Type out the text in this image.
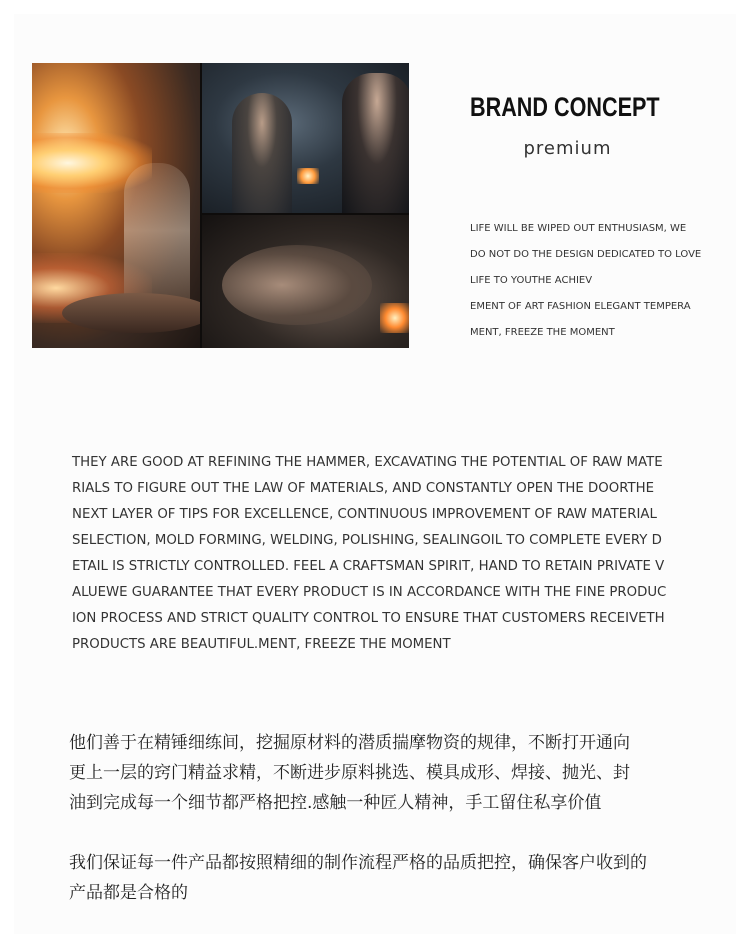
BRAND CONCEPT
premium
LIFE WILL BE WIPED OUT ENTHUSIASM, WE
DO NOT DO THE DESIGN DEDICATED TO LOVE
LIFE TO YOUTHE ACHIEV
EMENT OF ART FASHION ELEGANT TEMPERA
MENT, FREEZE THE MOMENT
THEY ARE GOOD AT REFINING THE HAMMER, EXCAVATING THE POTENTIAL OF RAW MATE
RIALS TO FIGURE OUT THE LAW OF MATERIALS, AND CONSTANTLY OPEN THE DOORTHE
NEXT LAYER OF TIPS FOR EXCELLENCE, CONTINUOUS IMPROVEMENT OF RAW MATERIAL
SELECTION, MOLD FORMING, WELDING, POLISHING, SEALINGOIL TO COMPLETE EVERY D
ETAIL IS STRICTLY CONTROLLED. FEEL A CRAFTSMAN SPIRIT, HAND TO RETAIN PRIVATE V
ALUEWE GUARANTEE THAT EVERY PRODUCT IS IN ACCORDANCE WITH THE FINE PRODUC
ION PROCESS AND STRICT QUALITY CONTROL TO ENSURE THAT CUSTOMERS RECEIVETH
PRODUCTS ARE BEAUTIFUL.MENT, FREEZE THE MOMENT
他们善于在精锤细练间，挖掘原材料的潜质揣摩物资的规律，不断打开通向
更上一层的窍门精益求精，不断进步原料挑选、模具成形、焊接、抛光、封
油到完成每一个细节都严格把控.感触一种匠人精神，手工留住私享价值
我们保证每一件产品都按照精细的制作流程严格的品质把控，确保客户收到的
产品都是合格的
